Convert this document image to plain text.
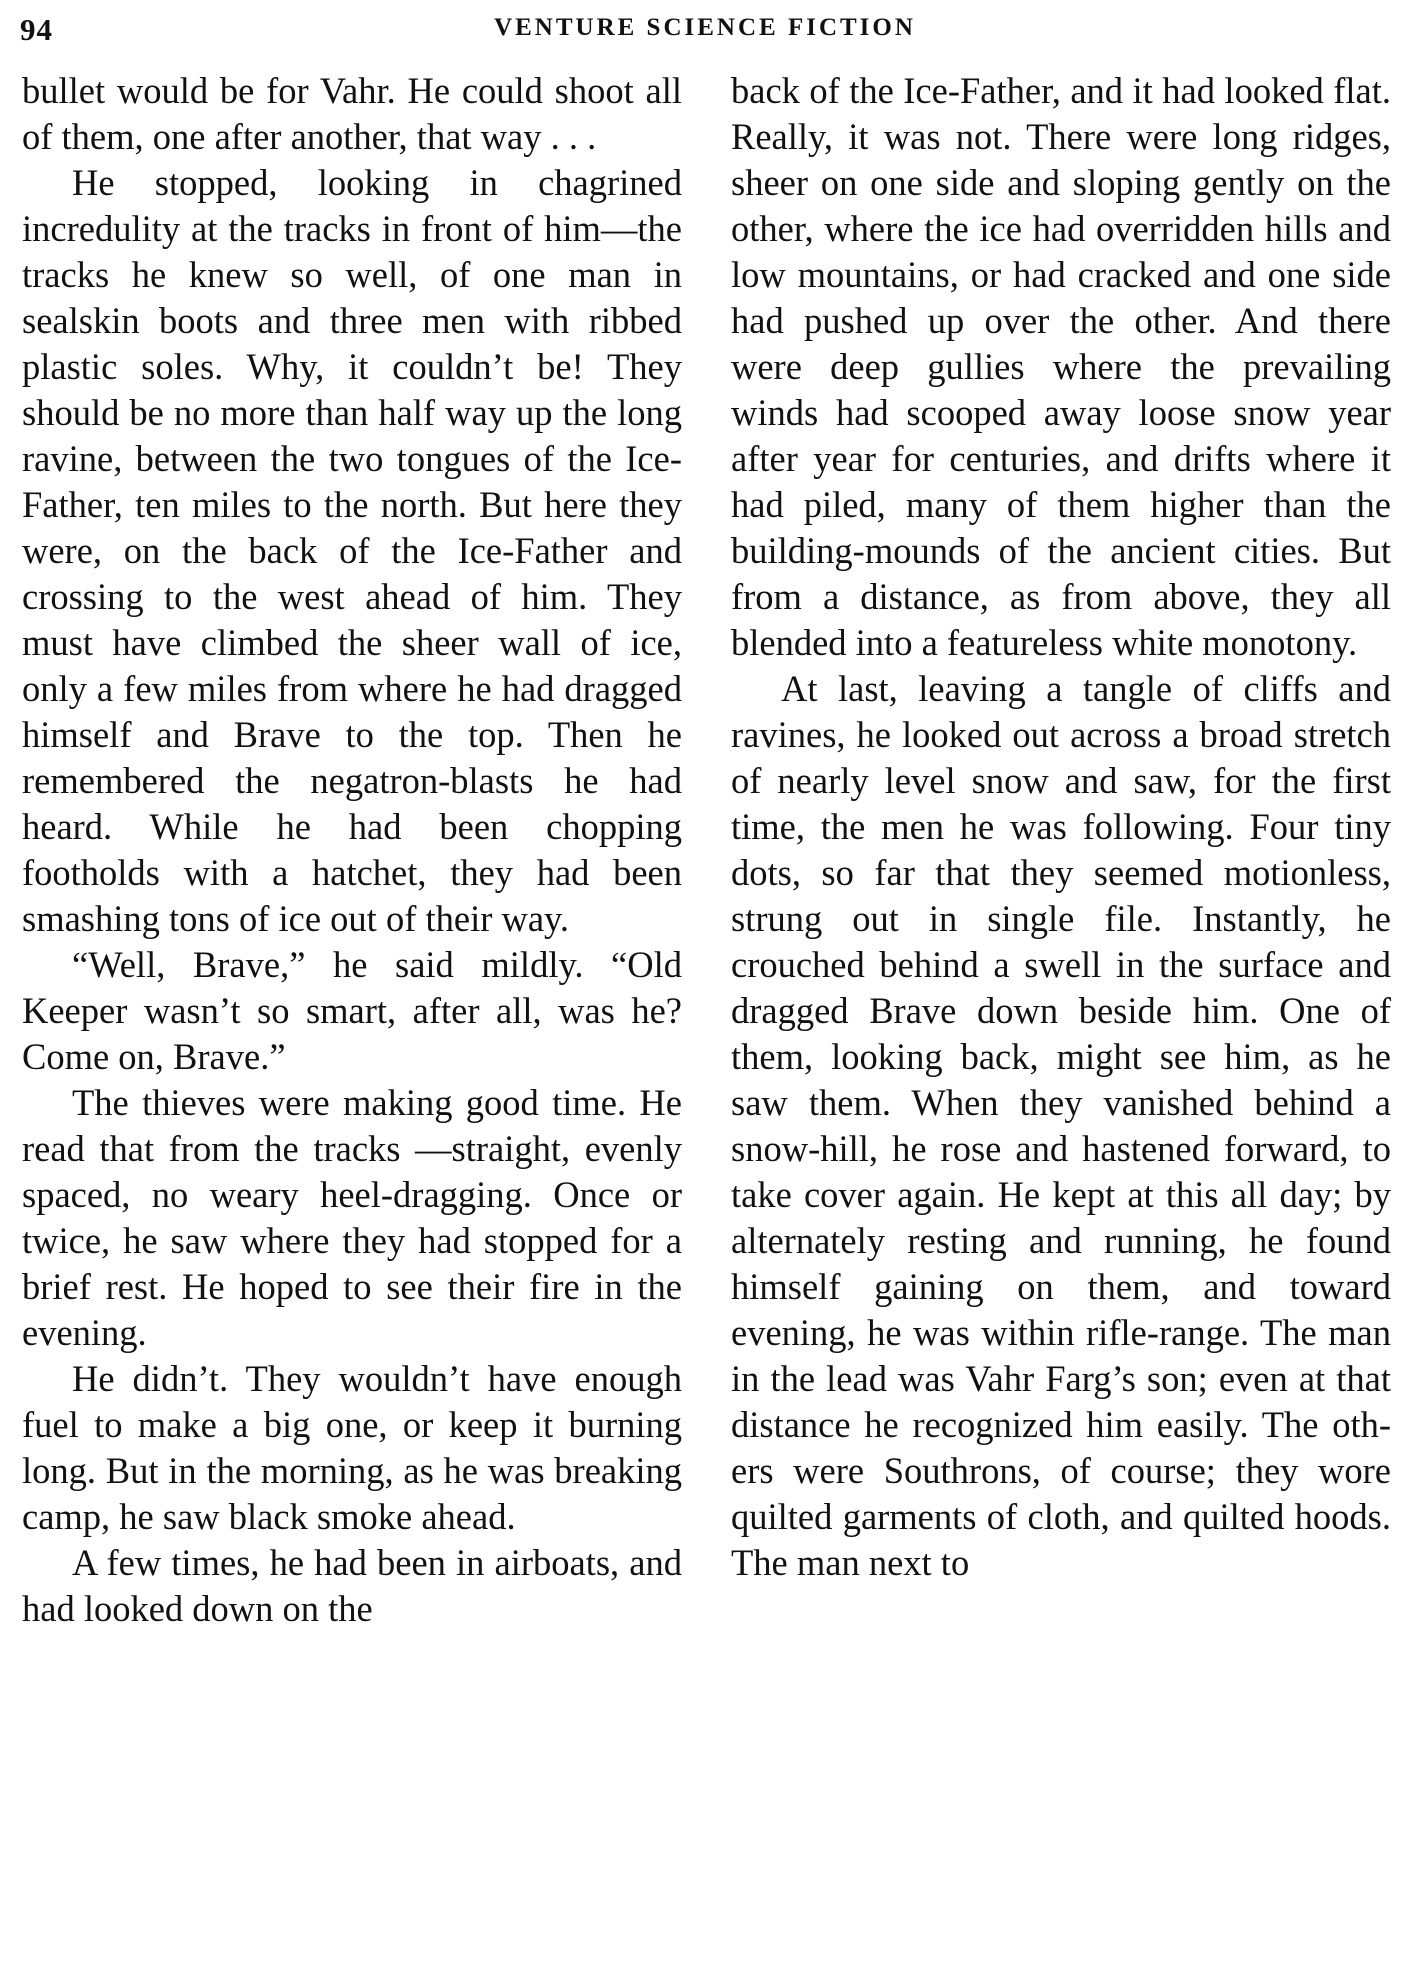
94	VENTURE SCIENCE FICTION

bullet would be for Vahr. He could shoot all of them, one after another, that way . . .

He stopped, looking in chagrined incredulity at the tracks in front of him—the tracks he knew so well, of one man in sealskin boots and three men with ribbed plastic soles. Why, it couldn’t be! They should be no more than half way up the long ravine, between the two tongues of the Ice-Father, ten miles to the north. But here they were, on the back of the Ice-Father and crossing to the west ahead of him. They must have climbed the sheer wall of ice, only a few miles from where he had dragged himself and Brave to the top. Then he remembered the negatron-blasts he had heard. While he had been chopping footholds with a hatchet, they had been smashing tons of ice out of their way.

“Well, Brave,” he said mildly. “Old Keeper wasn’t so smart, after all, was he? Come on, Brave.”

The thieves were making good time. He read that from the tracks —straight, evenly spaced, no weary heel-dragging. Once or twice, he saw where they had stopped for a brief rest. He hoped to see their fire in the evening.

He didn’t. They wouldn’t have enough fuel to make a big one, or keep it burning long. But in the morning, as he was breaking camp, he saw black smoke ahead.

A few times, he had been in airboats, and had looked down on the

back of the Ice-Father, and it had looked flat. Really, it was not. There were long ridges, sheer on one side and sloping gently on the other, where the ice had overridden hills and low mountains, or had cracked and one side had pushed up over the other. And there were deep gullies where the prevailing winds had scooped away loose snow year after year for centuries, and drifts where it had piled, many of them higher than the building-mounds of the ancient cities. But from a distance, as from above, they all blended into a featureless white monotony.

At last, leaving a tangle of cliffs and ravines, he looked out across a broad stretch of nearly level snow and saw, for the first time, the men he was following. Four tiny dots, so far that they seemed motionless, strung out in single file. Instantly, he crouched behind a swell in the surface and dragged Brave down beside him. One of them, looking back, might see him, as he saw them. When they vanished behind a snow-hill, he rose and hastened forward, to take cover again. He kept at this all day; by alternately resting and running, he found himself gaining on them, and toward evening, he was within rifle-range. The man in the lead was Vahr Farg’s son; even at that distance he recognized him easily. The others were Southrons, of course; they wore quilted garments of cloth, and quilted hoods. The man next to
